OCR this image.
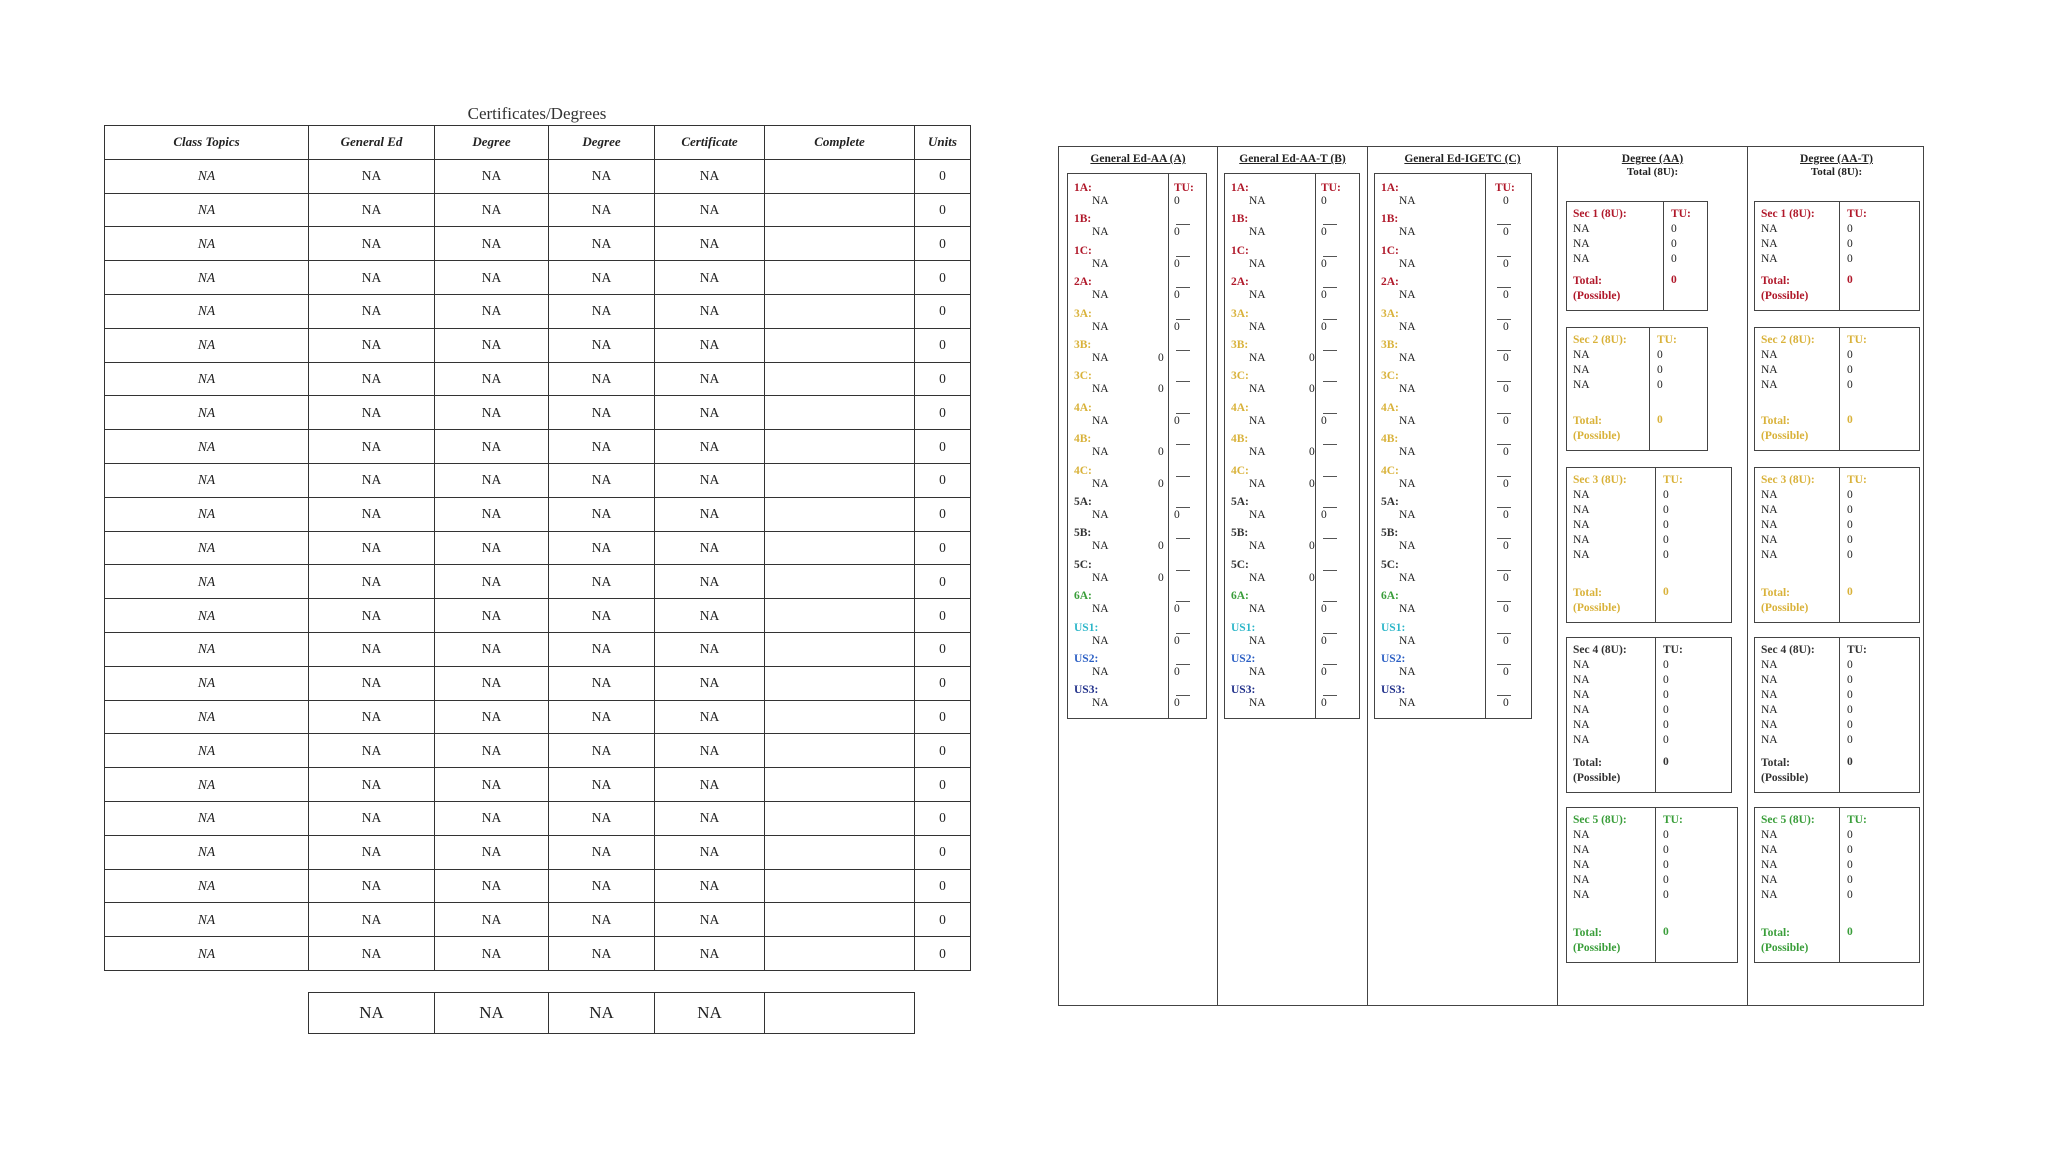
Certificates/Degrees
Class Topics	General Ed	Degree	Degree	Certificate	Complete	Units
NA	NA	NA	NA	NA		0
NA	NA	NA	NA	NA		0
NA	NA	NA	NA	NA		0
NA	NA	NA	NA	NA		0
NA	NA	NA	NA	NA		0
NA	NA	NA	NA	NA		0
NA	NA	NA	NA	NA		0
NA	NA	NA	NA	NA		0
NA	NA	NA	NA	NA		0
NA	NA	NA	NA	NA		0
NA	NA	NA	NA	NA		0
NA	NA	NA	NA	NA		0
NA	NA	NA	NA	NA		0
NA	NA	NA	NA	NA		0
NA	NA	NA	NA	NA		0
NA	NA	NA	NA	NA		0
NA	NA	NA	NA	NA		0
NA	NA	NA	NA	NA		0
NA	NA	NA	NA	NA		0
NA	NA	NA	NA	NA		0
NA	NA	NA	NA	NA		0
NA	NA	NA	NA	NA		0
NA	NA	NA	NA	NA		0
NA	NA	NA	NA	NA		0
NA	NA	NA	NA	
General Ed-AA (A)
1A:
NA	0
TU:
1B:
NA	0
1C:
NA	0
2A:
NA	0
3A:
NA	0
3B:
NA	0
3C:
NA	0
4A:
NA	0
4B:
NA	0
4C:
NA	0
5A:
NA	0
5B:
NA	0
5C:
NA	0
6A:
NA	0
US1:
NA	0
US2:
NA	0
US3:
NA	0
General Ed-AA-T (B)
1A:
NA	0
TU:
1B:
NA	0
1C:
NA	0
2A:
NA	0
3A:
NA	0
3B:
NA	0
3C:
NA	0
4A:
NA	0
4B:
NA	0
4C:
NA	0
5A:
NA	0
5B:
NA	0
5C:
NA	0
6A:
NA	0
US1:
NA	0
US2:
NA	0
US3:
NA	0
General Ed-IGETC (C)
1A:
NA	0
TU:
1B:
NA	0
1C:
NA	0
2A:
NA	0
3A:
NA	0
3B:
NA	0
3C:
NA	0
4A:
NA	0
4B:
NA	0
4C:
NA	0
5A:
NA	0
5B:
NA	0
5C:
NA	0
6A:
NA	0
US1:
NA	0
US2:
NA	0
US3:
NA	0
Degree (AA)
Total (8U):
Sec 1 (8U):	TU:
NA	0
NA	0
NA	0
Total:
(Possible)
0
Sec 2 (8U):	TU:
NA	0
NA	0
NA	0
Total:
(Possible)
0
Sec 3 (8U):	TU:
NA	0
NA	0
NA	0
NA	0
NA	0
Total:
(Possible)
0
Sec 4 (8U):	TU:
NA	0
NA	0
NA	0
NA	0
NA	0
NA	0
Total:
(Possible)
0
Sec 5 (8U):	TU:
NA	0
NA	0
NA	0
NA	0
NA	0
Total:
(Possible)
0
Degree (AA-T)
Total (8U):
Sec 1 (8U):	TU:
NA	0
NA	0
NA	0
Total:
(Possible)
0
Sec 2 (8U):	TU:
NA	0
NA	0
NA	0
Total:
(Possible)
0
Sec 3 (8U):	TU:
NA	0
NA	0
NA	0
NA	0
NA	0
Total:
(Possible)
0
Sec 4 (8U):	TU:
NA	0
NA	0
NA	0
NA	0
NA	0
NA	0
Total:
(Possible)
0
Sec 5 (8U):	TU:
NA	0
NA	0
NA	0
NA	0
NA	0
Total:
(Possible)
0
